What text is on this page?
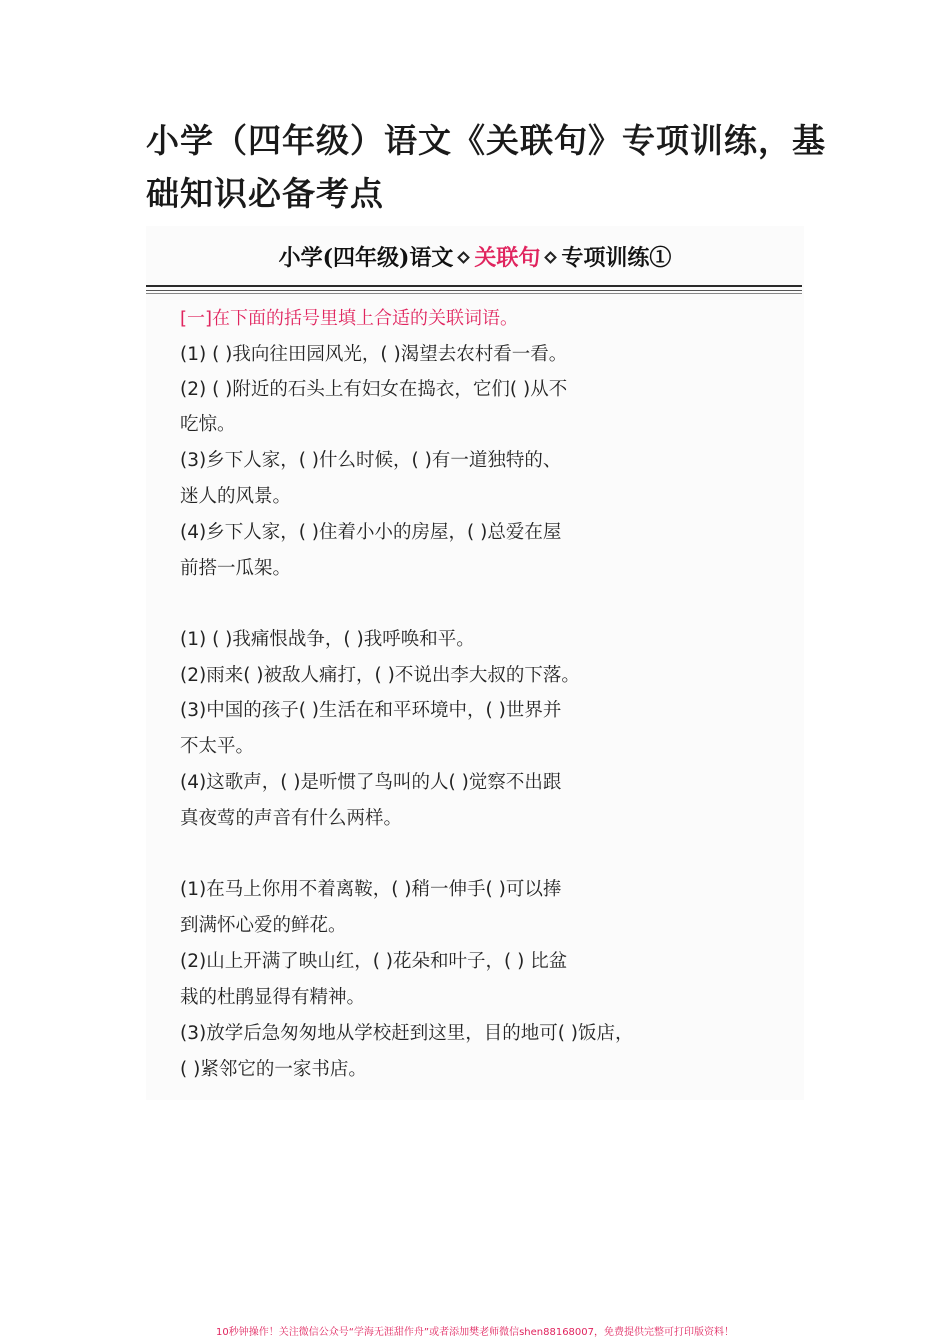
小学（四年级）语文《关联句》专项训练，基础知识必备考点
小学(四年级)语文 关联句 专项训练①
[一]在下面的括号里填上合适的关联词语。
(1) ( )我向往田园风光，( )渴望去农村看一看。
(2) ( )附近的石头上有妇女在捣衣，它们( )从不
吃惊。
(3)乡下人家，( )什么时候，( )有一道独特的、
迷人的风景。
(4)乡下人家，( )住着小小的房屋，( )总爱在屋
前搭一瓜架。
(1) ( )我痛恨战争，( )我呼唤和平。
(2)雨来( )被敌人痛打，( )不说出李大叔的下落。
(3)中国的孩子( )生活在和平环境中，( )世界并
不太平。
(4)这歌声，( )是听惯了鸟叫的人( )觉察不出跟
真夜莺的声音有什么两样。
(1)在马上你用不着离鞍，( )稍一伸手( )可以捧
到满怀心爱的鲜花。
(2)山上开满了映山红，( )花朵和叶子，( ) 比盆
栽的杜鹃显得有精神。
(3)放学后急匆匆地从学校赶到这里，目的地可( )饭店，
( )紧邻它的一家书店。
10秒钟操作！关注微信公众号“学海无涯甜作舟”或者添加樊老师微信shen88168007，免费提供完整可打印版资料！
